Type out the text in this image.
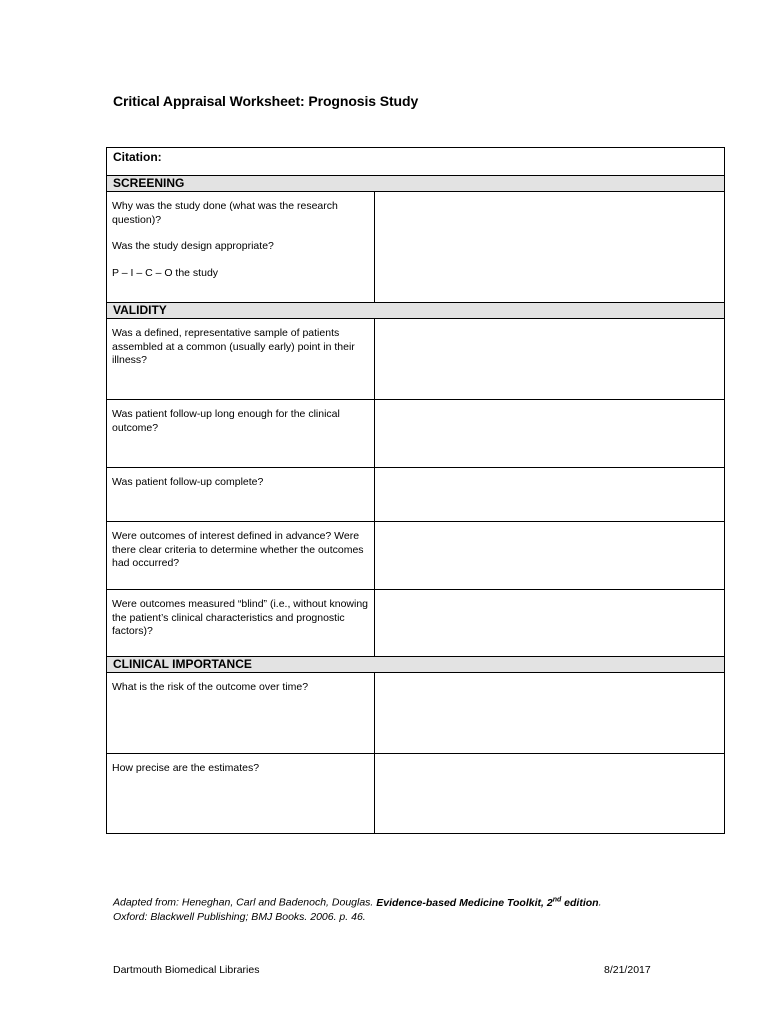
Critical Appraisal Worksheet: Prognosis Study
Citation:	
SCREENING	

Why was the study done (what was the research question)?

Was the study design appropriate?

P – I – C – O the study	

VALIDITY	

Was a defined, representative sample of patients assembled at a common (usually early) point in their illness?	

Was patient follow-up long enough for the clinical outcome?	

Was patient follow-up complete?	

Were outcomes of interest defined in advance? Were there clear criteria to determine whether the outcomes had occurred?	

Were outcomes measured “blind” (i.e., without knowing the patient’s clinical characteristics and prognostic factors)?	

CLINICAL IMPORTANCE	

What is the risk of the outcome over time?	

How precise are the estimates?	

Adapted from: Heneghan, Carl and Badenoch, Douglas. Evidence-based Medicine Toolkit, 2nd edition.
Oxford: Blackwell Publishing; BMJ Books. 2006. p. 46.
Dartmouth Biomedical Libraries	8/21/2017
